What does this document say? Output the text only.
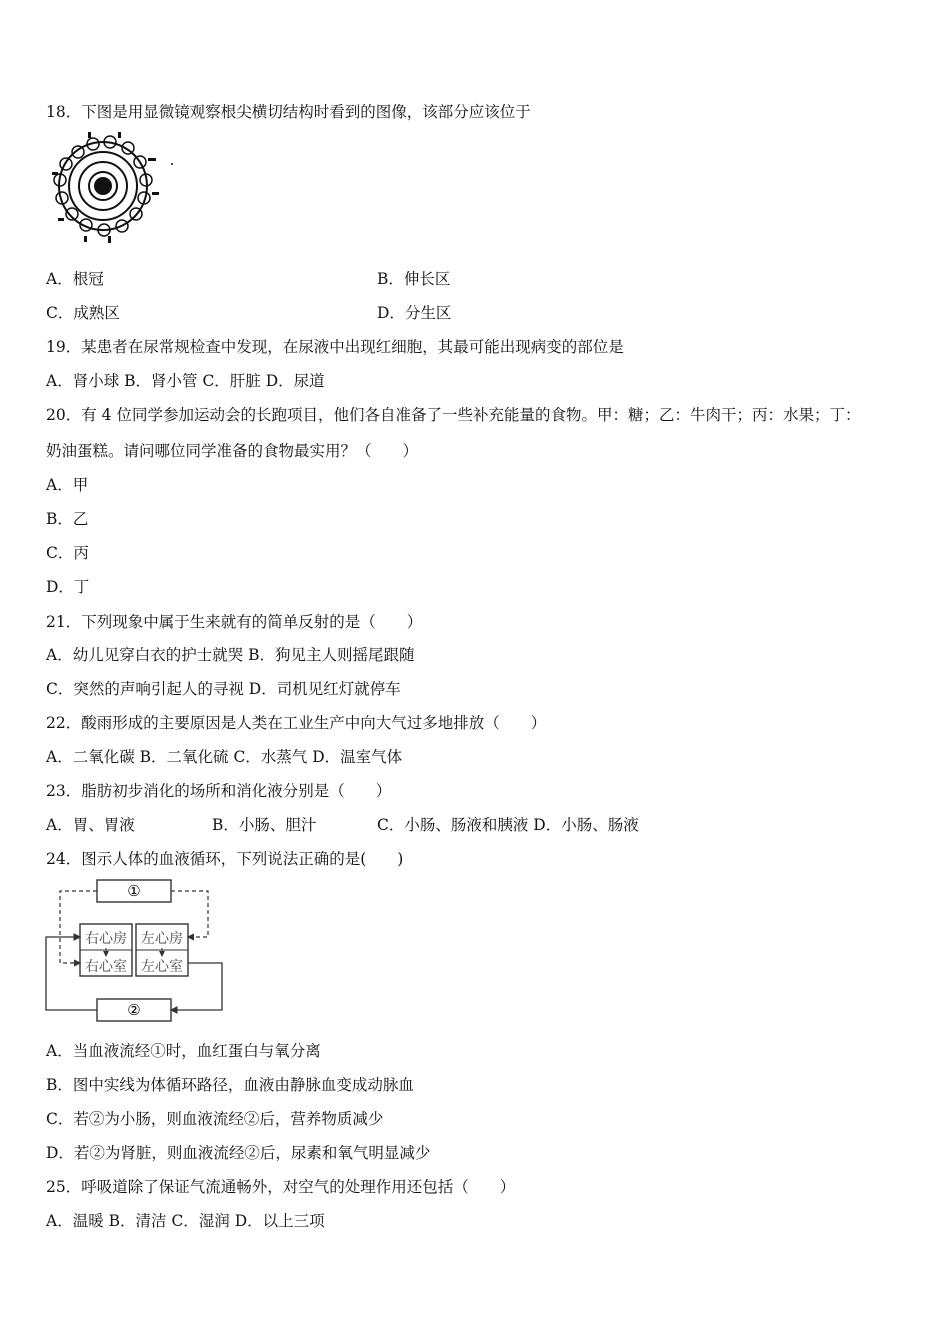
18．下图是用显微镜观察根尖横切结构时看到的图像，该部分应该位于
A．根冠	B．伸长区
C．成熟区	D．分生区
19．某患者在尿常规检查中发现，在尿液中出现红细胞，其最可能出现病变的部位是
A．肾小球 B．肾小管 C．肝脏 D．尿道
20．有 4 位同学参加运动会的长跑项目，他们各自准备了一些补充能量的食物。甲：糖；乙：牛肉干；丙：水果；丁：
奶油蛋糕。请问哪位同学准备的食物最实用？（　　）
A．甲
B．乙
C．丙
D．丁
21．下列现象中属于生来就有的简单反射的是（　　）
A．幼儿见穿白衣的护士就哭 B．狗见主人则摇尾跟随
C．突然的声响引起人的寻视 D．司机见红灯就停车
22．酸雨形成的主要原因是人类在工业生产中向大气过多地排放（　　）
A．二氧化碳 B．二氧化硫 C．水蒸气 D．温室气体
23．脂肪初步消化的场所和消化液分别是（　　）
A．胃、胃液	B．小肠、胆汁	C．小肠、肠液和胰液 D．小肠、肠液
24．图示人体的血液循环，下列说法正确的是(　　)
①
②
右心房 左心房
右心室 左心室
A．当血液流经①时，血红蛋白与氧分离
B．图中实线为体循环路径，血液由静脉血变成动脉血
C．若②为小肠，则血液流经②后，营养物质减少
D．若②为肾脏，则血液流经②后，尿素和氧气明显减少
25．呼吸道除了保证气流通畅外，对空气的处理作用还包括（　　）
A．温暖 B．清洁 C．湿润 D．以上三项
